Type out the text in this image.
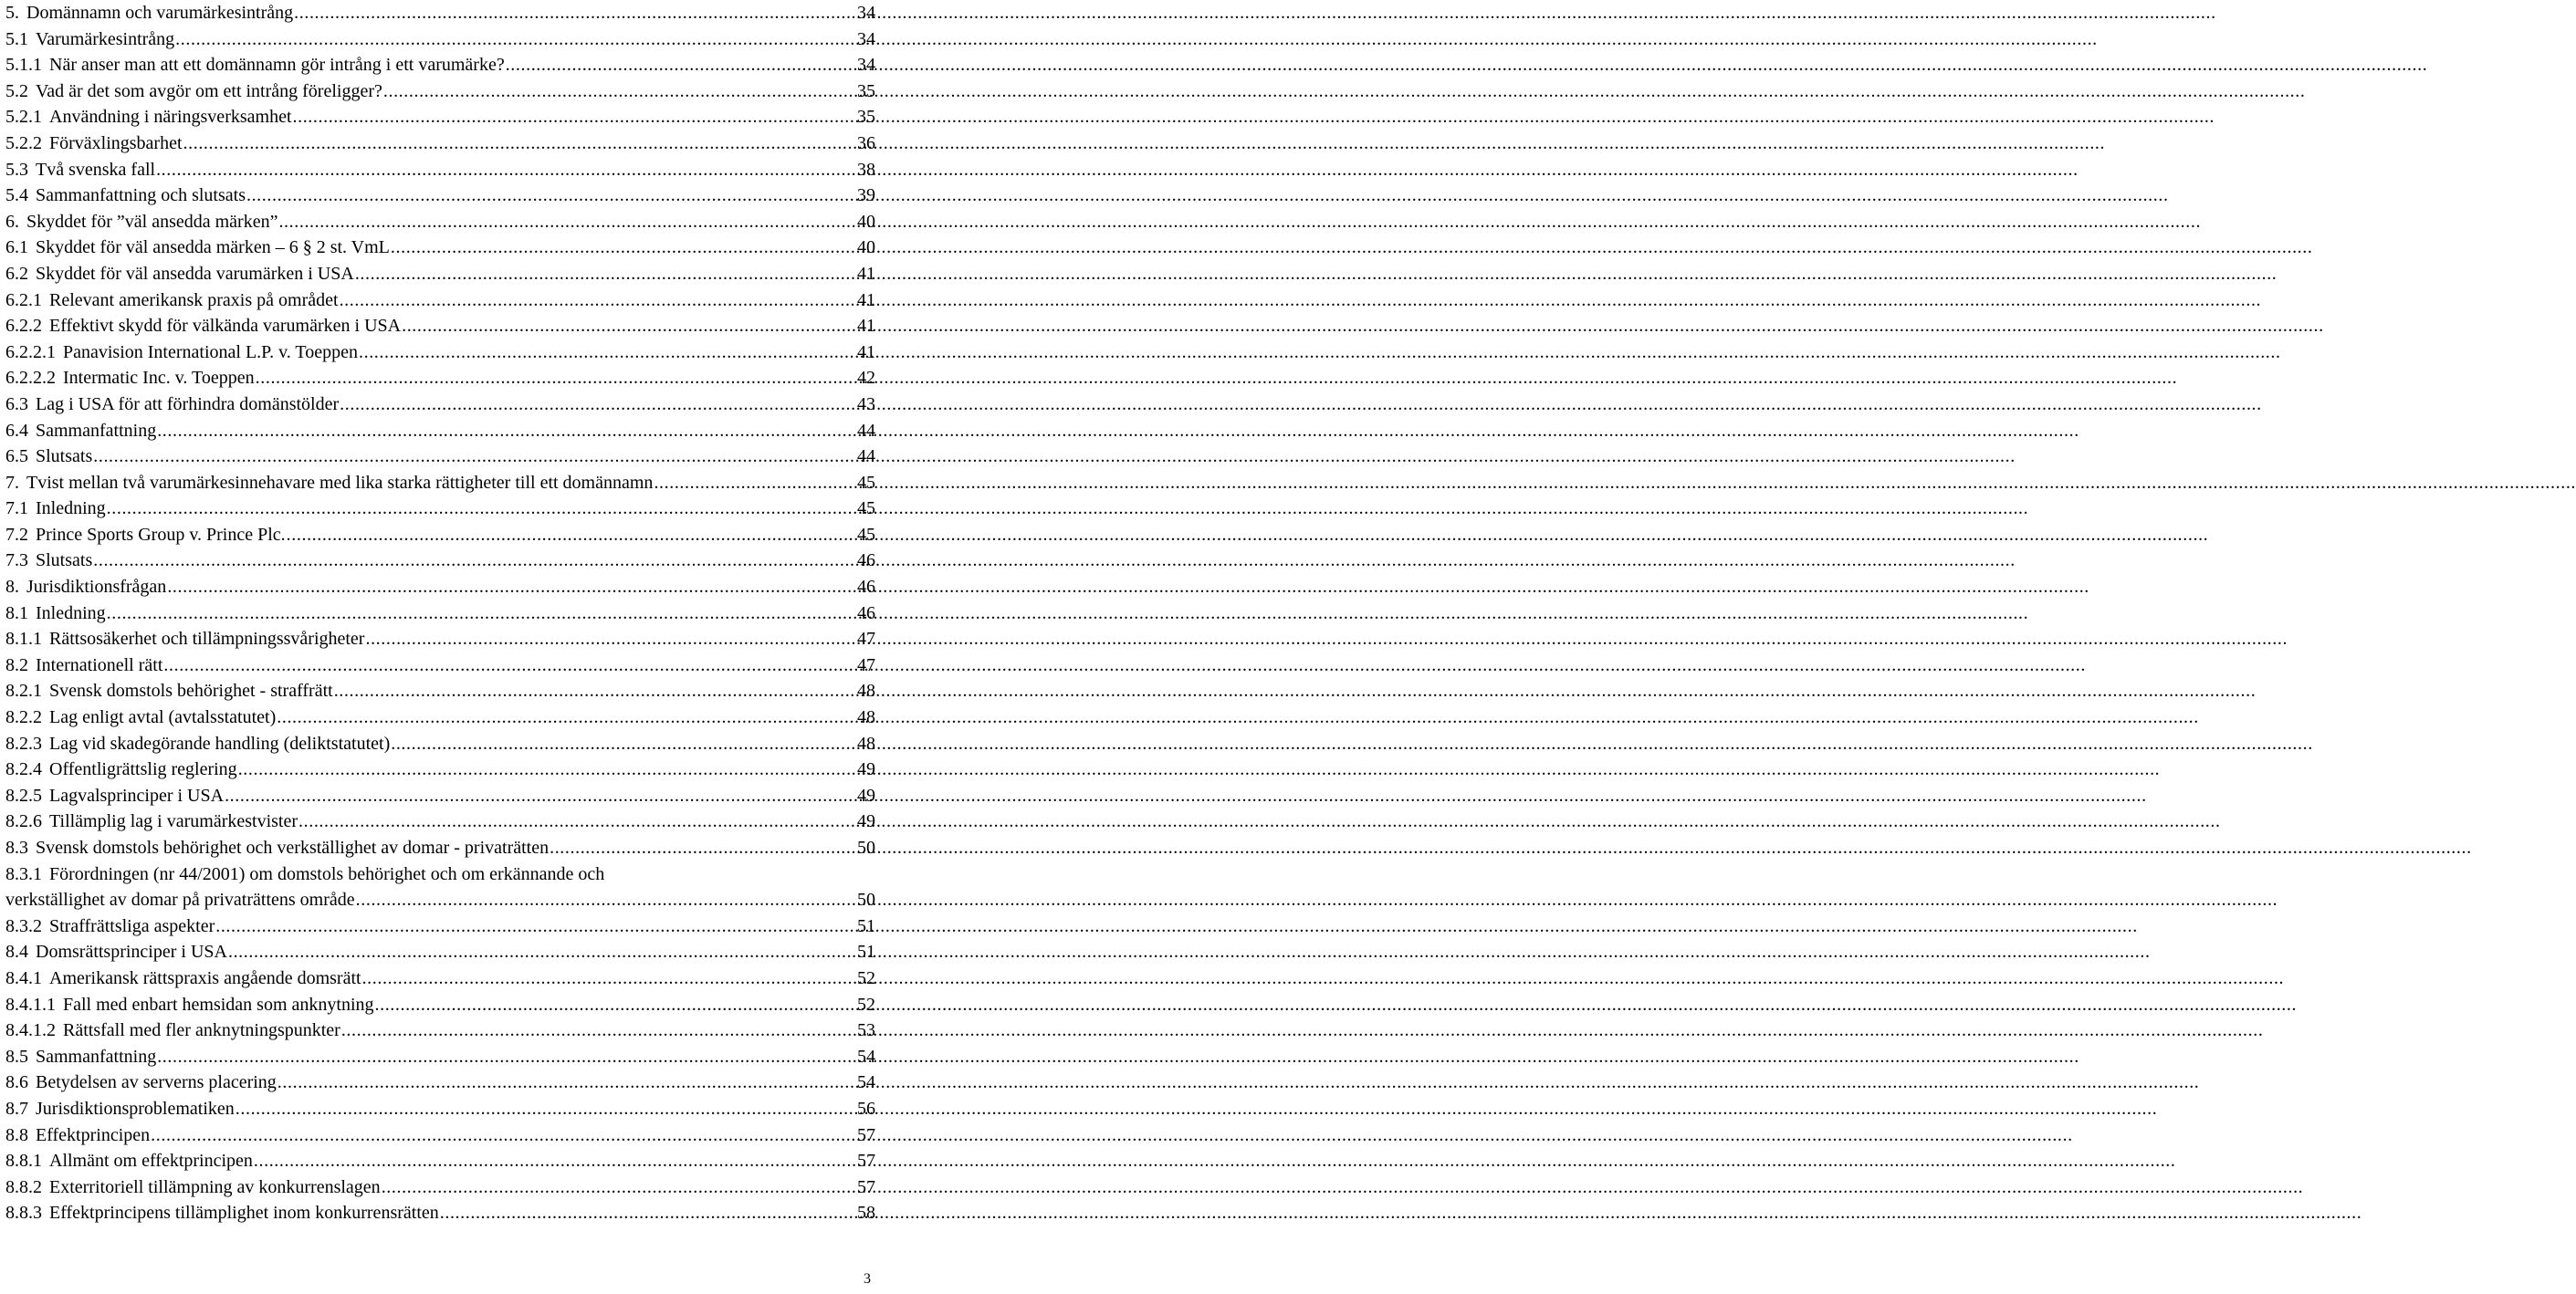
5. Domännamn och varumärkesintrång .....	34
5.1 Varumärkesintrång .....	34
5.1.1 När anser man att ett domännamn gör intrång i ett varumärke? .....	34
5.2 Vad är det som avgör om ett intrång föreligger? .....	35
5.2.1 Användning i näringsverksamhet .....	35
5.2.2 Förväxlingsbarhet .....	36
5.3 Två svenska fall .....	38
5.4 Sammanfattning och slutsats .....	39
6. Skyddet för ”väl ansedda märken” .....	40
6.1 Skyddet för väl ansedda märken – 6 § 2 st. VmL .....	40
6.2 Skyddet för väl ansedda varumärken i USA .....	41
6.2.1 Relevant amerikansk praxis på området .....	41
6.2.2 Effektivt skydd för välkända varumärken i USA .....	41
6.2.2.1 Panavision International L.P. v. Toeppen .....	41
6.2.2.2 Intermatic Inc. v. Toeppen .....	42
6.3 Lag i USA för att förhindra domänstölder .....	43
6.4 Sammanfattning .....	44
6.5 Slutsats .....	44
7. Tvist mellan två varumärkesinnehavare med lika starka rättigheter till ett domännamn .....	45
7.1 Inledning .....	45
7.2 Prince Sports Group v. Prince Plc. .....	45
7.3 Slutsats .....	46
8. Jurisdiktionsfrågan .....	46
8.1 Inledning .....	46
8.1.1 Rättsosäkerhet och tillämpningssvårigheter .....	47
8.2 Internationell rätt .....	47
8.2.1 Svensk domstols behörighet - straffrätt .....	48
8.2.2 Lag enligt avtal (avtalsstatutet) .....	48
8.2.3 Lag vid skadegörande handling (deliktstatutet) .....	48
8.2.4 Offentligrättslig reglering .....	49
8.2.5 Lagvalsprinciper i USA .....	49
8.2.6 Tillämplig lag i varumärkestvister .....	49
8.3 Svensk domstols behörighet och verkställighet av domar - privaträtten .....	50
8.3.1 Förordningen (nr 44/2001) om domstols behörighet och om erkännande och
verkställighet av domar på privaträttens område .....	50
8.3.2 Straffrättsliga aspekter .....	51
8.4 Domsrättsprinciper i USA .....	51
8.4.1 Amerikansk rättspraxis angående domsrätt .....	52
8.4.1.1 Fall med enbart hemsidan som anknytning .....	52
8.4.1.2 Rättsfall med fler anknytningspunkter .....	53
8.5 Sammanfattning .....	54
8.6 Betydelsen av serverns placering .....	54
8.7 Jurisdiktionsproblematiken .....	56
8.8 Effektprincipen .....	57
8.8.1 Allmänt om effektprincipen .....	57
8.8.2 Exterritoriell tillämpning av konkurrenslagen .....	57
8.8.3 Effektprincipens tillämplighet inom konkurrensrätten .....	58
3
